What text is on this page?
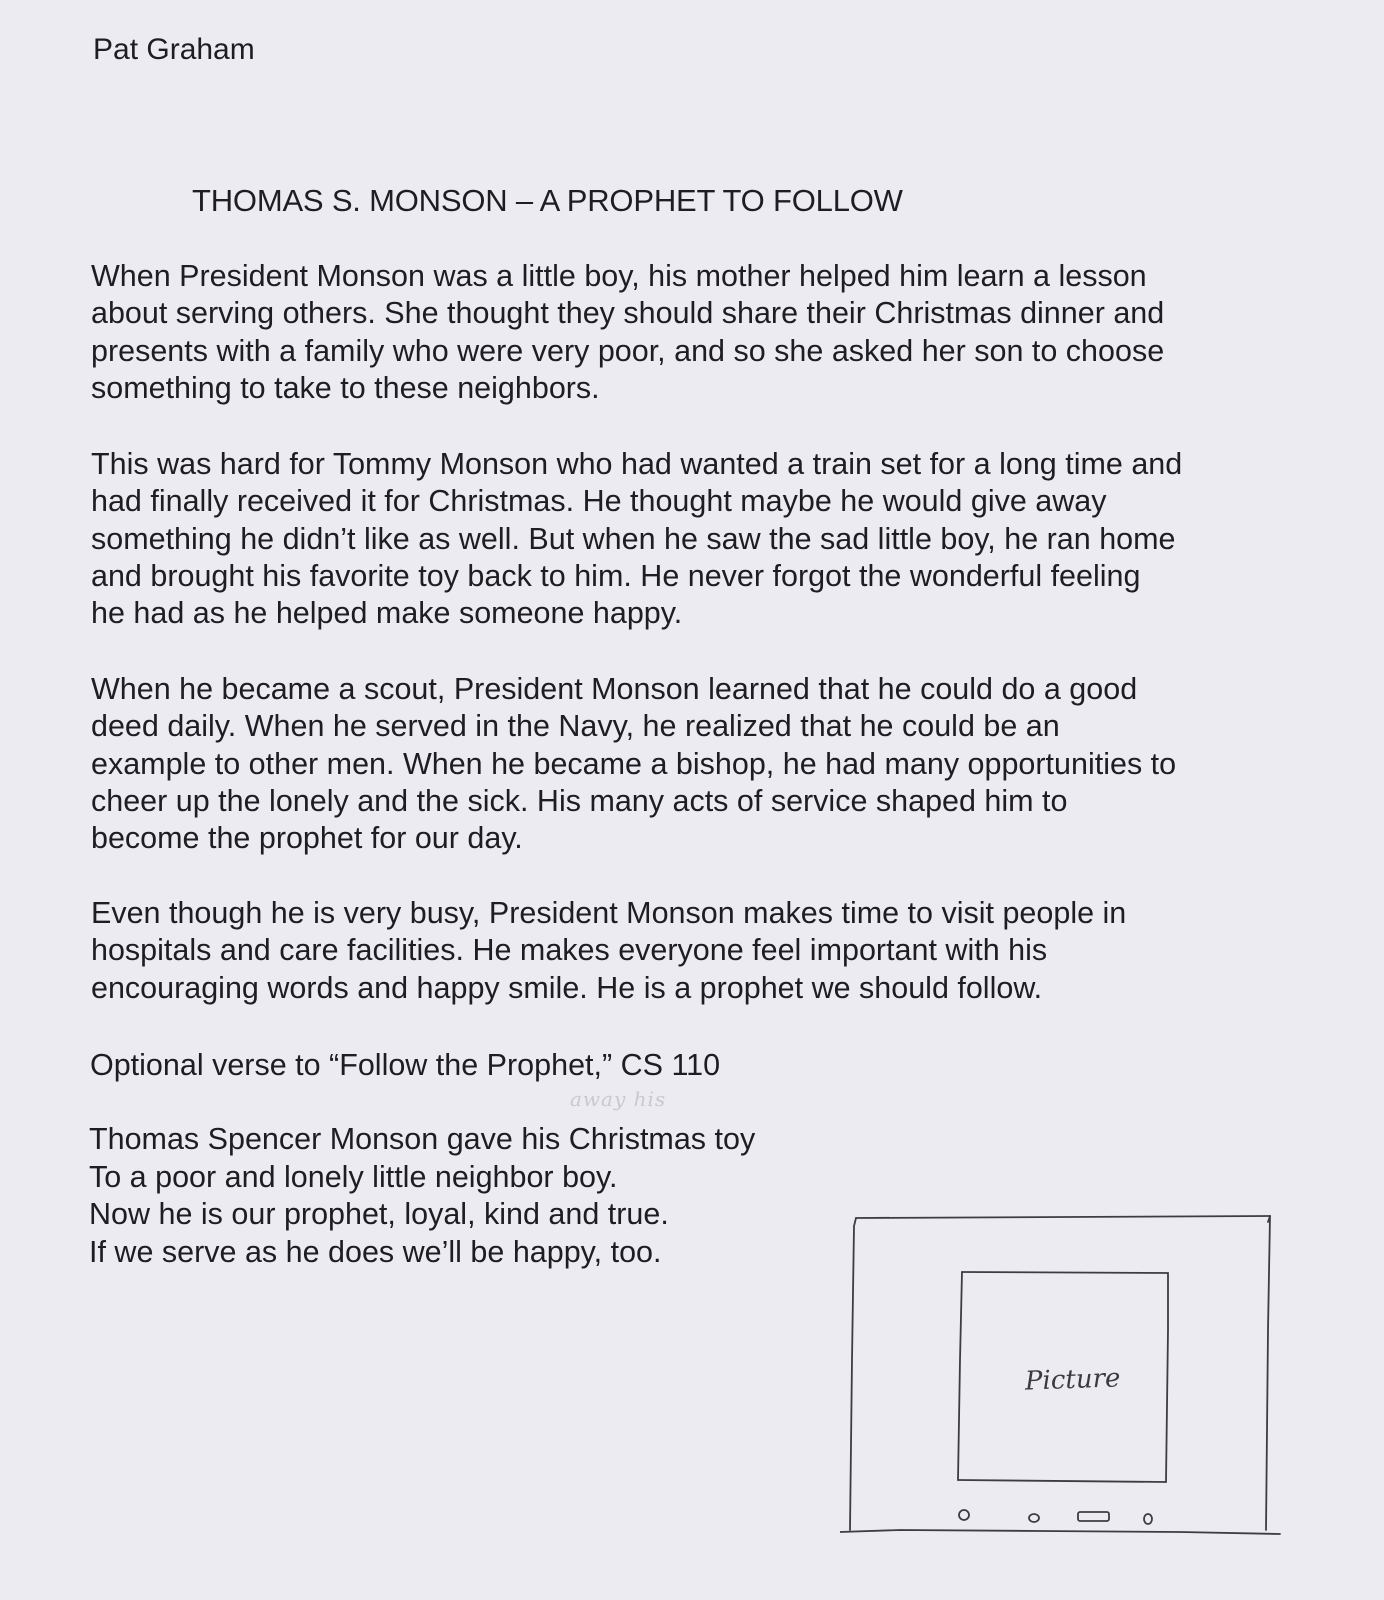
Pat Graham
THOMAS S. MONSON – A PROPHET TO FOLLOW

When President Monson was a little boy, his mother helped him learn a lesson
about serving others. She thought they should share their Christmas dinner and
presents with a family who were very poor, and so she asked her son to choose
something to take to these neighbors.

This was hard for Tommy Monson who had wanted a train set for a long time and
had finally received it for Christmas. He thought maybe he would give away
something he didn’t like as well. But when he saw the sad little boy, he ran home
and brought his favorite toy back to him. He never forgot the wonderful feeling
he had as he helped make someone happy.

When he became a scout, President Monson learned that he could do a good
deed daily. When he served in the Navy, he realized that he could be an
example to other men. When he became a bishop, he had many opportunities to
cheer up the lonely and the sick. His many acts of service shaped him to
become the prophet for our day.

Even though he is very busy, President Monson makes time to visit people in
hospitals and care facilities. He makes everyone feel important with his
encouraging words and happy smile. He is a prophet we should follow.

Optional verse to “Follow the Prophet,” CS 110
away his
Thomas Spencer Monson gave his Christmas toy
To a poor and lonely little neighbor boy.
Now he is our prophet, loyal, kind and true.
If we serve as he does we’ll be happy, too.
Picture
